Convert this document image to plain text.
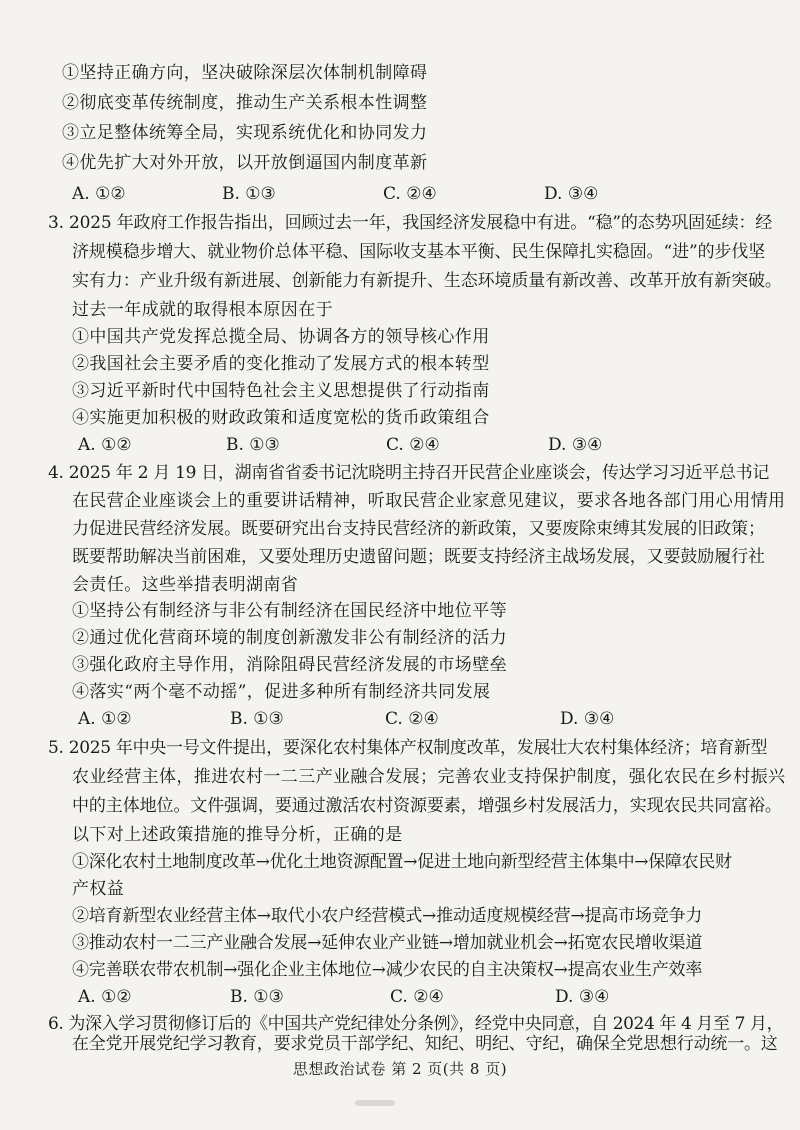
①坚持正确方向，坚决破除深层次体制机制障碍
②彻底变革传统制度，推动生产关系根本性调整
③立足整体统筹全局，实现系统优化和协同发力
④优先扩大对外开放，以开放倒逼国内制度革新
A. ①②	B. ①③	C. ②④	D. ③④
3. 2025 年政府工作报告指出，回顾过去一年，我国经济发展稳中有进。“稳”的态势巩固延续：经
济规模稳步增大、就业物价总体平稳、国际收支基本平衡、民生保障扎实稳固。“进”的步伐坚
实有力：产业升级有新进展、创新能力有新提升、生态环境质量有新改善、改革开放有新突破。
过去一年成就的取得根本原因在于
①中国共产党发挥总揽全局、协调各方的领导核心作用
②我国社会主要矛盾的变化推动了发展方式的根本转型
③习近平新时代中国特色社会主义思想提供了行动指南
④实施更加积极的财政政策和适度宽松的货币政策组合
A. ①②	B. ①③	C. ②④	D. ③④
4. 2025 年 2 月 19 日，湖南省省委书记沈晓明主持召开民营企业座谈会，传达学习习近平总书记
在民营企业座谈会上的重要讲话精神，听取民营企业家意见建议，要求各地各部门用心用情用
力促进民营经济发展。既要研究出台支持民营经济的新政策，又要废除束缚其发展的旧政策；
既要帮助解决当前困难，又要处理历史遗留问题；既要支持经济主战场发展，又要鼓励履行社
会责任。这些举措表明湖南省
①坚持公有制经济与非公有制经济在国民经济中地位平等
②通过优化营商环境的制度创新激发非公有制经济的活力
③强化政府主导作用，消除阻碍民营经济发展的市场壁垒
④落实“两个毫不动摇”，促进多种所有制经济共同发展
A. ①②	B. ①③	C. ②④	D. ③④
5. 2025 年中央一号文件提出，要深化农村集体产权制度改革，发展壮大农村集体经济；培育新型
农业经营主体，推进农村一二三产业融合发展；完善农业支持保护制度，强化农民在乡村振兴
中的主体地位。文件强调，要通过激活农村资源要素，增强乡村发展活力，实现农民共同富裕。
以下对上述政策措施的推导分析，正确的是
①深化农村土地制度改革→优化土地资源配置→促进土地向新型经营主体集中→保障农民财
产权益
②培育新型农业经营主体→取代小农户经营模式→推动适度规模经营→提高市场竞争力
③推动农村一二三产业融合发展→延伸农业产业链→增加就业机会→拓宽农民增收渠道
④完善联农带农机制→强化企业主体地位→减少农民的自主决策权→提高农业生产效率
A. ①②	B. ①③	C. ②④	D. ③④
6. 为深入学习贯彻修订后的《中国共产党纪律处分条例》，经党中央同意，自 2024 年 4 月至 7 月，
在全党开展党纪学习教育，要求党员干部学纪、知纪、明纪、守纪，确保全党思想行动统一。这
思想政治试卷 第 2 页(共 8 页)
